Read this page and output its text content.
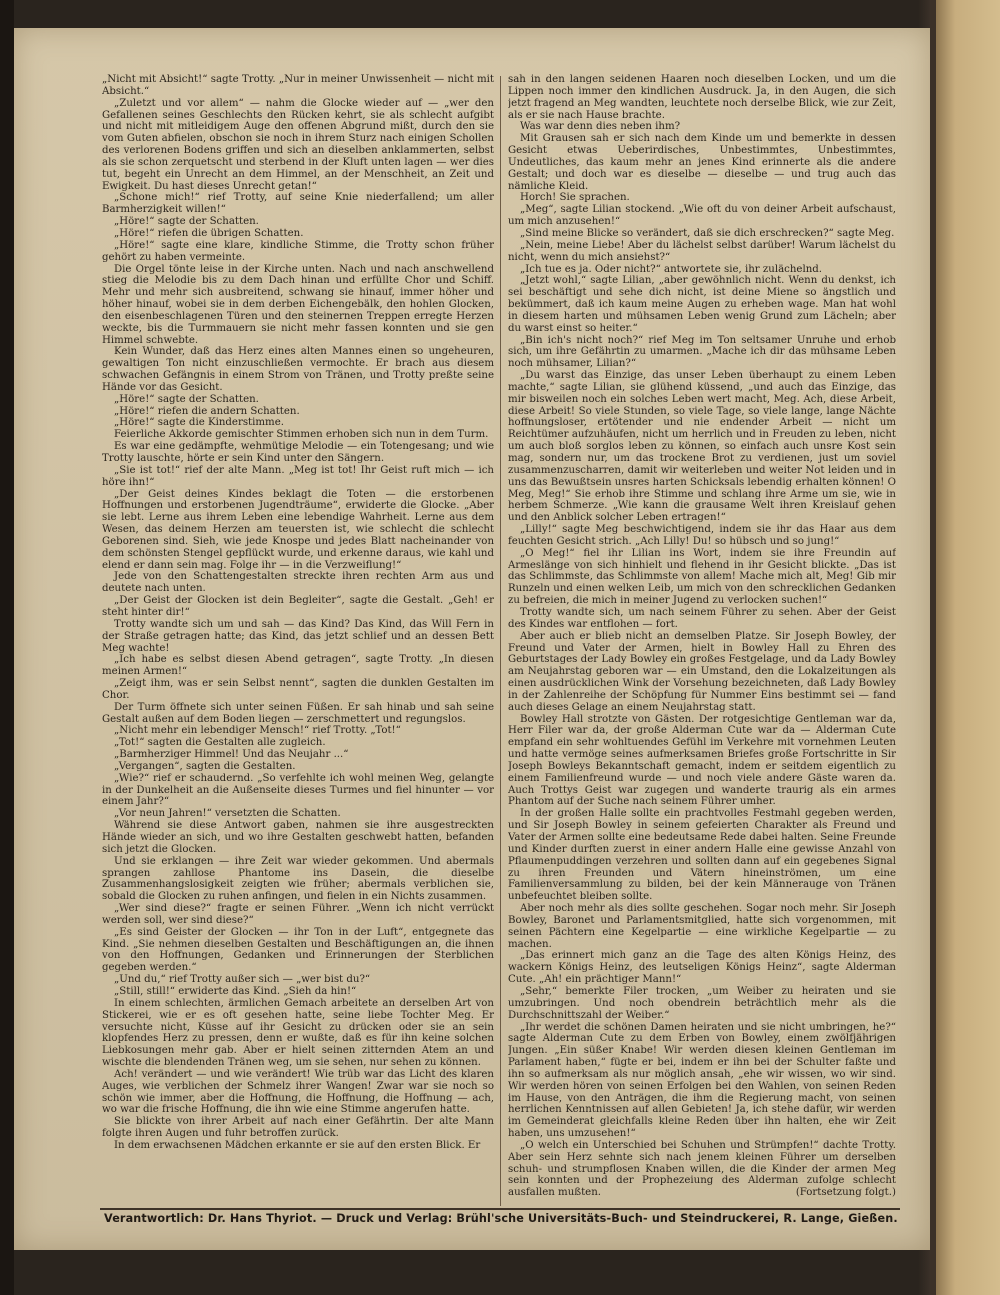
„Nicht mit Absicht!“ sagte Trotty. „Nur in meiner Unwissenheit — nicht mit Absicht.“

„Zuletzt und vor allem“ — nahm die Glocke wieder auf — „wer den Gefallenen seines Geschlechts den Rücken kehrt, sie als schlecht aufgibt und nicht mit mitleidigem Auge den offenen Abgrund mißt, durch den sie vom Guten abfielen, obschon sie noch in ihrem Sturz nach einigen Schollen des verlorenen Bodens griffen und sich an dieselben anklammerten, selbst als sie schon zerquetscht und sterbend in der Kluft unten lagen — wer dies tut, begeht ein Unrecht an dem Himmel, an der Menschheit, an Zeit und Ewigkeit. Du hast dieses Unrecht getan!“

„Schone mich!“ rief Trotty, auf seine Knie niederfallend; um aller Barmherzigkeit willen!“

„Höre!“ sagte der Schatten.

„Höre!“ riefen die übrigen Schatten.

„Höre!“ sagte eine klare, kindliche Stimme, die Trotty schon früher gehört zu haben vermeinte.

Die Orgel tönte leise in der Kirche unten. Nach und nach anschwellend stieg die Melodie bis zu dem Dach hinan und erfüllte Chor und Schiff. Mehr und mehr sich ausbreitend, schwang sie hinauf, immer höher und höher hinauf, wobei sie in dem derben Eichengebälk, den hohlen Glocken, den eisenbeschlagenen Türen und den steinernen Treppen erregte Herzen weckte, bis die Turmmauern sie nicht mehr fassen konnten und sie gen Himmel schwebte.

Kein Wunder, daß das Herz eines alten Mannes einen so ungeheuren, gewaltigen Ton nicht einzuschließen vermochte. Er brach aus diesem schwachen Gefängnis in einem Strom von Tränen, und Trotty preßte seine Hände vor das Gesicht.

„Höre!“ sagte der Schatten.

„Höre!“ riefen die andern Schatten.

„Höre!“ sagte die Kinderstimme.

Feierliche Akkorde gemischter Stimmen erhoben sich nun in dem Turm.

Es war eine gedämpfte, wehmütige Melodie — ein Totengesang; und wie Trotty lauschte, hörte er sein Kind unter den Sängern.

„Sie ist tot!“ rief der alte Mann. „Meg ist tot! Ihr Geist ruft mich — ich höre ihn!“

„Der Geist deines Kindes beklagt die Toten — die erstorbenen Hoffnungen und erstorbenen Jugendträume“, erwiderte die Glocke. „Aber sie lebt. Lerne aus ihrem Leben eine lebendige Wahrheit. Lerne aus dem Wesen, das deinem Herzen am teuersten ist, wie schlecht die schlecht Geborenen sind. Sieh, wie jede Knospe und jedes Blatt nacheinander von dem schönsten Stengel gepflückt wurde, und erkenne daraus, wie kahl und elend er dann sein mag. Folge ihr — in die Verzweiflung!“

Jede von den Schattengestalten streckte ihren rechten Arm aus und deutete nach unten.

„Der Geist der Glocken ist dein Begleiter“, sagte die Gestalt. „Geh! er steht hinter dir!“

Trotty wandte sich um und sah — das Kind? Das Kind, das Will Fern in der Straße getragen hatte; das Kind, das jetzt schlief und an dessen Bett Meg wachte!

„Ich habe es selbst diesen Abend getragen“, sagte Trotty. „In diesen meinen Armen!“

„Zeigt ihm, was er sein Selbst nennt“, sagten die dunklen Gestalten im Chor.

Der Turm öffnete sich unter seinen Füßen. Er sah hinab und sah seine Gestalt außen auf dem Boden liegen — zerschmettert und regungslos.

„Nicht mehr ein lebendiger Mensch!“ rief Trotty. „Tot!“

„Tot!“ sagten die Gestalten alle zugleich.

„Barmherziger Himmel! Und das Neujahr ...“

„Vergangen“, sagten die Gestalten.

„Wie?“ rief er schaudernd. „So verfehlte ich wohl meinen Weg, gelangte in der Dunkelheit an die Außenseite dieses Turmes und fiel hinunter — vor einem Jahr?“

„Vor neun Jahren!“ versetzten die Schatten.

Während sie diese Antwort gaben, nahmen sie ihre ausgestreckten Hände wieder an sich, und wo ihre Gestalten geschwebt hatten, befanden sich jetzt die Glocken.

Und sie erklangen — ihre Zeit war wieder gekommen. Und abermals sprangen zahllose Phantome ins Dasein, die dieselbe Zusammenhangslosigkeit zeigten wie früher; abermals verblichen sie, sobald die Glocken zu ruhen anfingen, und fielen in ein Nichts zusammen.

„Wer sind diese?“ fragte er seinen Führer. „Wenn ich nicht verrückt werden soll, wer sind diese?“

„Es sind Geister der Glocken — ihr Ton in der Luft“, entgegnete das Kind. „Sie nehmen dieselben Gestalten und Beschäftigungen an, die ihnen von den Hoffnungen, Gedanken und Erinnerungen der Sterblichen gegeben werden.“

„Und du,“ rief Trotty außer sich — „wer bist du?“

„Still, still!“ erwiderte das Kind. „Sieh da hin!“

In einem schlechten, ärmlichen Gemach arbeitete an derselben Art von Stickerei, wie er es oft gesehen hatte, seine liebe Tochter Meg. Er versuchte nicht, Küsse auf ihr Gesicht zu drücken oder sie an sein klopfendes Herz zu pressen, denn er wußte, daß es für ihn keine solchen Liebkosungen mehr gab. Aber er hielt seinen zitternden Atem an und wischte die blendenden Tränen weg, um sie sehen, nur sehen zu können.

Ach! verändert — und wie verändert! Wie trüb war das Licht des klaren Auges, wie verblichen der Schmelz ihrer Wangen! Zwar war sie noch so schön wie immer, aber die Hoffnung, die Hoffnung, die Hoffnung — ach, wo war die frische Hoffnung, die ihn wie eine Stimme angerufen hatte.

Sie blickte von ihrer Arbeit auf nach einer Gefährtin. Der alte Mann folgte ihren Augen und fuhr betroffen zurück.

In dem erwachsenen Mädchen erkannte er sie auf den ersten Blick. Er

sah in den langen seidenen Haaren noch dieselben Locken, und um die Lippen noch immer den kindlichen Ausdruck. Ja, in den Augen, die sich jetzt fragend an Meg wandten, leuchtete noch derselbe Blick, wie zur Zeit, als er sie nach Hause brachte.

Was war denn dies neben ihm?

Mit Grausen sah er sich nach dem Kinde um und bemerkte in dessen Gesicht etwas Ueberirdisches, Unbestimmtes, Unbestimmtes, Undeutliches, das kaum mehr an jenes Kind erinnerte als die andere Gestalt; und doch war es dieselbe — dieselbe — und trug auch das nämliche Kleid.

Horch! Sie sprachen.

„Meg“, sagte Lilian stockend. „Wie oft du von deiner Arbeit aufschaust, um mich anzusehen!“

„Sind meine Blicke so verändert, daß sie dich erschrecken?“ sagte Meg.

„Nein, meine Liebe! Aber du lächelst selbst darüber! Warum lächelst du nicht, wenn du mich ansiehst?“

„Ich tue es ja. Oder nicht?“ antwortete sie, ihr zulächelnd.

„Jetzt wohl,“ sagte Lilian, „aber gewöhnlich nicht. Wenn du denkst, ich sei beschäftigt und sehe dich nicht, ist deine Miene so ängstlich und bekümmert, daß ich kaum meine Augen zu erheben wage. Man hat wohl in diesem harten und mühsamen Leben wenig Grund zum Lächeln; aber du warst einst so heiter.“

„Bin ich's nicht noch?“ rief Meg im Ton seltsamer Unruhe und erhob sich, um ihre Gefährtin zu umarmen. „Mache ich dir das mühsame Leben noch mühsamer, Lilian?“

„Du warst das Einzige, das unser Leben überhaupt zu einem Leben machte,“ sagte Lilian, sie glühend küssend, „und auch das Einzige, das mir bisweilen noch ein solches Leben wert macht, Meg. Ach, diese Arbeit, diese Arbeit! So viele Stunden, so viele Tage, so viele lange, lange Nächte hoffnungsloser, ertötender und nie endender Arbeit — nicht um Reichtümer aufzuhäufen, nicht um herrlich und in Freuden zu leben, nicht um auch bloß sorglos leben zu können, so einfach auch unsre Kost sein mag, sondern nur, um das trockene Brot zu verdienen, just um soviel zusammenzuscharren, damit wir weiterleben und weiter Not leiden und in uns das Bewußtsein unsres harten Schicksals lebendig erhalten können! O Meg, Meg!“ Sie erhob ihre Stimme und schlang ihre Arme um sie, wie in herbem Schmerze. „Wie kann die grausame Welt ihren Kreislauf gehen und den Anblick solcher Leben ertragen!“

„Lilly!“ sagte Meg beschwichtigend, indem sie ihr das Haar aus dem feuchten Gesicht strich. „Ach Lilly! Du! so hübsch und so jung!“

„O Meg!“ fiel ihr Lilian ins Wort, indem sie ihre Freundin auf Armeslänge von sich hinhielt und flehend in ihr Gesicht blickte. „Das ist das Schlimmste, das Schlimmste von allem! Mache mich alt, Meg! Gib mir Runzeln und einen welken Leib, um mich von den schrecklichen Gedanken zu befreien, die mich in meiner Jugend zu verlocken suchen!“

Trotty wandte sich, um nach seinem Führer zu sehen. Aber der Geist des Kindes war entflohen — fort.

Aber auch er blieb nicht an demselben Platze. Sir Joseph Bowley, der Freund und Vater der Armen, hielt in Bowley Hall zu Ehren des Geburtstages der Lady Bowley ein großes Festgelage, und da Lady Bowley am Neujahrstag geboren war — ein Umstand, den die Lokalzeitungen als einen ausdrücklichen Wink der Vorsehung bezeichneten, daß Lady Bowley in der Zahlenreihe der Schöpfung für Nummer Eins bestimmt sei — fand auch dieses Gelage an einem Neujahrstag statt.

Bowley Hall strotzte von Gästen. Der rotgesichtige Gentleman war da, Herr Filer war da, der große Alderman Cute war da — Alderman Cute empfand ein sehr wohltuendes Gefühl im Verkehre mit vornehmen Leuten und hatte vermöge seines aufmerksamen Briefes große Fortschritte in Sir Joseph Bowleys Bekanntschaft gemacht, indem er seitdem eigentlich zu einem Familienfreund wurde — und noch viele andere Gäste waren da. Auch Trottys Geist war zugegen und wanderte traurig als ein armes Phantom auf der Suche nach seinem Führer umher.

In der großen Halle sollte ein prachtvolles Festmahl gegeben werden, und Sir Joseph Bowley in seinem gefeierten Charakter als Freund und Vater der Armen sollte eine bedeutsame Rede dabei halten. Seine Freunde und Kinder durften zuerst in einer andern Halle eine gewisse Anzahl von Pflaumenpuddingen verzehren und sollten dann auf ein gegebenes Signal zu ihren Freunden und Vätern hineinströmen, um eine Familienversammlung zu bilden, bei der kein Männerauge von Tränen unbefeuchtet bleiben sollte.

Aber noch mehr als dies sollte geschehen. Sogar noch mehr. Sir Joseph Bowley, Baronet und Parlamentsmitglied, hatte sich vorgenommen, mit seinen Pächtern eine Kegelpartie — eine wirkliche Kegelpartie — zu machen.

„Das erinnert mich ganz an die Tage des alten Königs Heinz, des wackern Königs Heinz, des leutseligen Königs Heinz“, sagte Alderman Cute. „Ah! ein prächtiger Mann!“

„Sehr,“ bemerkte Filer trocken, „um Weiber zu heiraten und sie umzubringen. Und noch obendrein beträchtlich mehr als die Durchschnittszahl der Weiber.“

„Ihr werdet die schönen Damen heiraten und sie nicht umbringen, he?“ sagte Alderman Cute zu dem Erben von Bowley, einem zwölfjährigen Jungen. „Ein süßer Knabe! Wir werden diesen kleinen Gentleman im Parlament haben,“ fügte er bei, indem er ihn bei der Schulter faßte und ihn so aufmerksam als nur möglich ansah, „ehe wir wissen, wo wir sind. Wir werden hören von seinen Erfolgen bei den Wahlen, von seinen Reden im Hause, von den Anträgen, die ihm die Regierung macht, von seinen herrlichen Kenntnissen auf allen Gebieten! Ja, ich stehe dafür, wir werden im Gemeinderat gleichfalls kleine Reden über ihn halten, ehe wir Zeit haben, uns umzusehen!“

„O welch ein Unterschied bei Schuhen und Strümpfen!“ dachte Trotty. Aber sein Herz sehnte sich nach jenem kleinen Führer um derselben schuh- und strumpflosen Knaben willen, die die Kinder der armen Meg sein konnten und der Prophezeiung des Alderman zufolge schlecht ausfallen mußten.	(Fortsetzung folgt.)

Verantwortlich: Dr. Hans Thyriot. — Druck und Verlag: Brühl'sche Universitäts-Buch- und Steindruckerei, R. Lange, Gießen.
